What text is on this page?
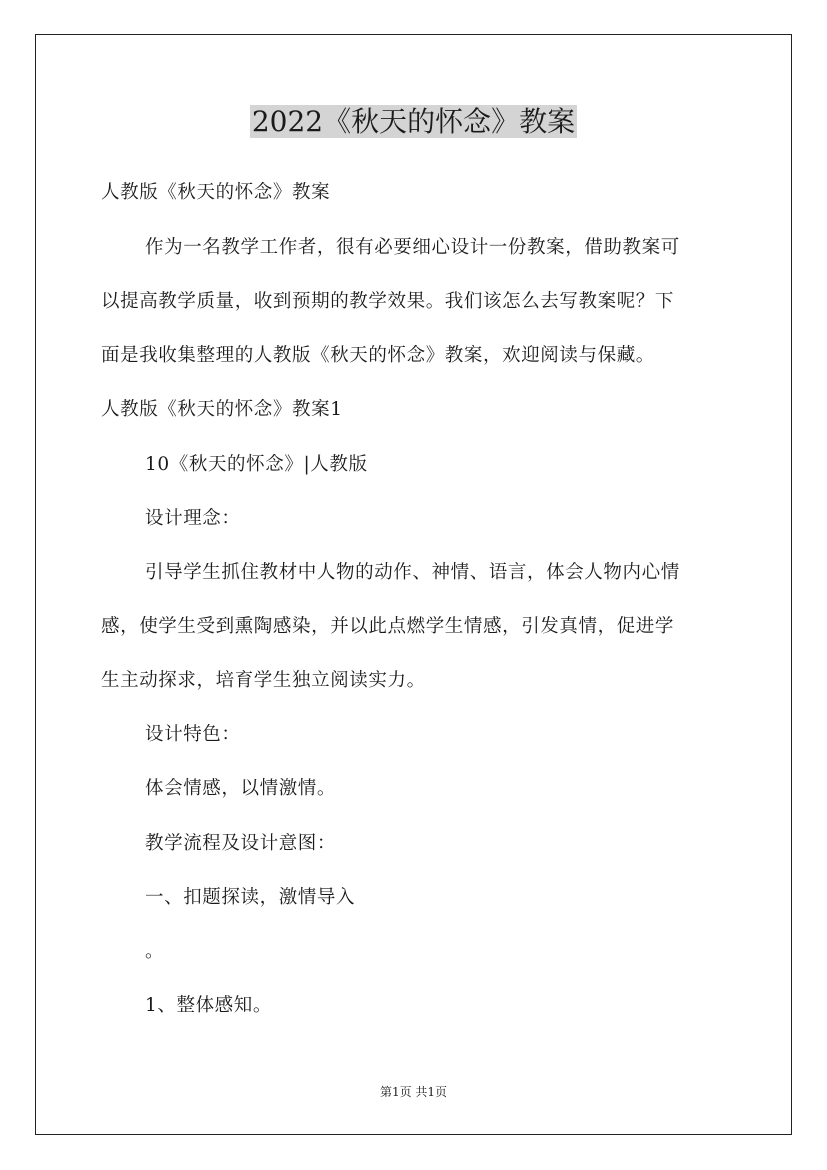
2022《秋天的怀念》教案
人教版《秋天的怀念》教案
作为一名教学工作者，很有必要细心设计一份教案，借助教案可
以提高教学质量，收到预期的教学效果。我们该怎么去写教案呢？下
面是我收集整理的人教版《秋天的怀念》教案，欢迎阅读与保藏。
人教版《秋天的怀念》教案1
10《秋天的怀念》|人教版
设计理念：
引导学生抓住教材中人物的动作、神情、语言，体会人物内心情
感，使学生受到熏陶感染，并以此点燃学生情感，引发真情，促进学
生主动探求，培育学生独立阅读实力。
设计特色：
体会情感，以情激情。
教学流程及设计意图：
一、扣题探读，激情导入
。
1、整体感知。
第1页 共1页
